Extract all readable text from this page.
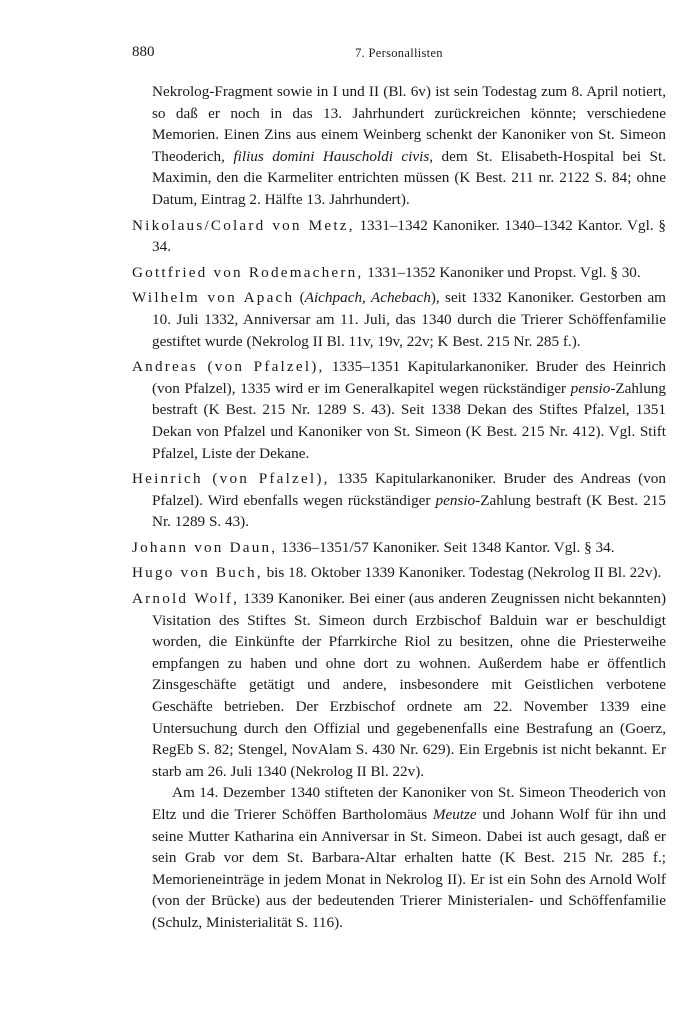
880	7. Personallisten

Nekrolog-Fragment sowie in I und II (Bl. 6v) ist sein Todestag zum 8. April notiert, so daß er noch in das 13. Jahrhundert zurückreichen könnte; verschiedene Memorien. Einen Zins aus einem Weinberg schenkt der Kanoniker von St. Simeon Theoderich, filius domini Hauscholdi civis, dem St. Elisabeth-Hospital bei St. Maximin, den die Karmeliter entrichten müssen (K Best. 211 nr. 2122 S. 84; ohne Datum, Eintrag 2. Hälfte 13. Jahrhundert).

Nikolaus/Colard von Metz, 1331–1342 Kanoniker. 1340–1342 Kantor. Vgl. § 34.

Gottfried von Rodemachern, 1331–1352 Kanoniker und Propst. Vgl. § 30.

Wilhelm von Apach (Aichpach, Achebach), seit 1332 Kanoniker. Gestorben am 10. Juli 1332, Anniversar am 11. Juli, das 1340 durch die Trierer Schöffenfamilie gestiftet wurde (Nekrolog II Bl. 11v, 19v, 22v; K Best. 215 Nr. 285 f.).

Andreas (von Pfalzel), 1335–1351 Kapitularkanoniker. Bruder des Heinrich (von Pfalzel), 1335 wird er im Generalkapitel wegen rückständiger pensio-Zahlung bestraft (K Best. 215 Nr. 1289 S. 43). Seit 1338 Dekan des Stiftes Pfalzel, 1351 Dekan von Pfalzel und Kanoniker von St. Simeon (K Best. 215 Nr. 412). Vgl. Stift Pfalzel, Liste der Dekane.

Heinrich (von Pfalzel), 1335 Kapitularkanoniker. Bruder des Andreas (von Pfalzel). Wird ebenfalls wegen rückständiger pensio-Zahlung bestraft (K Best. 215 Nr. 1289 S. 43).

Johann von Daun, 1336–1351/57 Kanoniker. Seit 1348 Kantor. Vgl. § 34.

Hugo von Buch, bis 18. Oktober 1339 Kanoniker. Todestag (Nekrolog II Bl. 22v).

Arnold Wolf, 1339 Kanoniker. Bei einer (aus anderen Zeugnissen nicht bekannten) Visitation des Stiftes St. Simeon durch Erzbischof Balduin war er beschuldigt worden, die Einkünfte der Pfarrkirche Riol zu besitzen, ohne die Priesterweihe empfangen zu haben und ohne dort zu wohnen. Außerdem habe er öffentlich Zinsgeschäfte getätigt und andere, insbesondere mit Geistlichen verbotene Geschäfte betrieben. Der Erzbischof ordnete am 22. November 1339 eine Untersuchung durch den Offizial und gegebenenfalls eine Bestrafung an (Goerz, RegEb S. 82; Stengel, NovAlam S. 430 Nr. 629). Ein Ergebnis ist nicht bekannt. Er starb am 26. Juli 1340 (Nekrolog II Bl. 22v).

Am 14. Dezember 1340 stifteten der Kanoniker von St. Simeon Theoderich von Eltz und die Trierer Schöffen Bartholomäus Meutze und Johann Wolf für ihn und seine Mutter Katharina ein Anniversar in St. Simeon. Dabei ist auch gesagt, daß er sein Grab vor dem St. Barbara-Altar erhalten hatte (K Best. 215 Nr. 285 f.; Memorieneinträge in jedem Monat in Nekrolog II). Er ist ein Sohn des Arnold Wolf (von der Brücke) aus der bedeutenden Trierer Ministerialen- und Schöffenfamilie (Schulz, Ministerialität S. 116).
